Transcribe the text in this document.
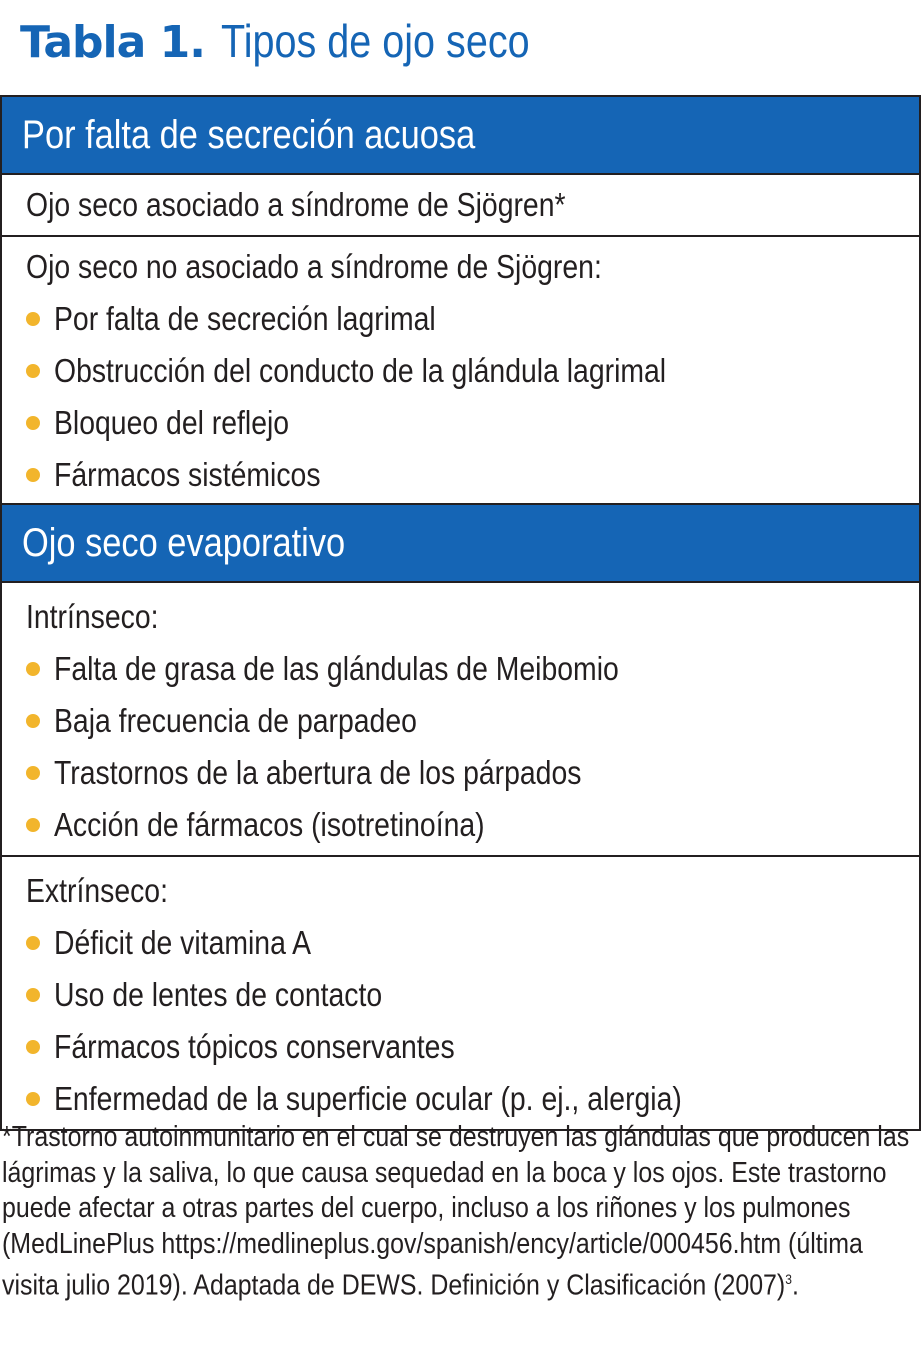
Tabla 1. Tipos de ojo seco
Por falta de secreción acuosa
Ojo seco asociado a síndrome de Sjögren*
Ojo seco no asociado a síndrome de Sjögren:
Por falta de secreción lagrimal
Obstrucción del conducto de la glándula lagrimal
Bloqueo del reflejo
Fármacos sistémicos
Ojo seco evaporativo
Intrínseco:
Falta de grasa de las glándulas de Meibomio
Baja frecuencia de parpadeo
Trastornos de la abertura de los párpados
Acción de fármacos (isotretinoína)
Extrínseco:
Déficit de vitamina A
Uso de lentes de contacto
Fármacos tópicos conservantes
Enfermedad de la superficie ocular (p. ej., alergia)
*Trastorno autoinmunitario en el cual se destruyen las glándulas que producen las lágrimas y la saliva, lo que causa sequedad en la boca y los ojos. Este trastorno puede afectar a otras partes del cuerpo, incluso a los riñones y los pulmones (MedLinePlus https://medlineplus.gov/spanish/ency/article/000456.htm (última visita julio 2019). Adaptada de DEWS. Definición y Clasificación $(2007)^3$.
